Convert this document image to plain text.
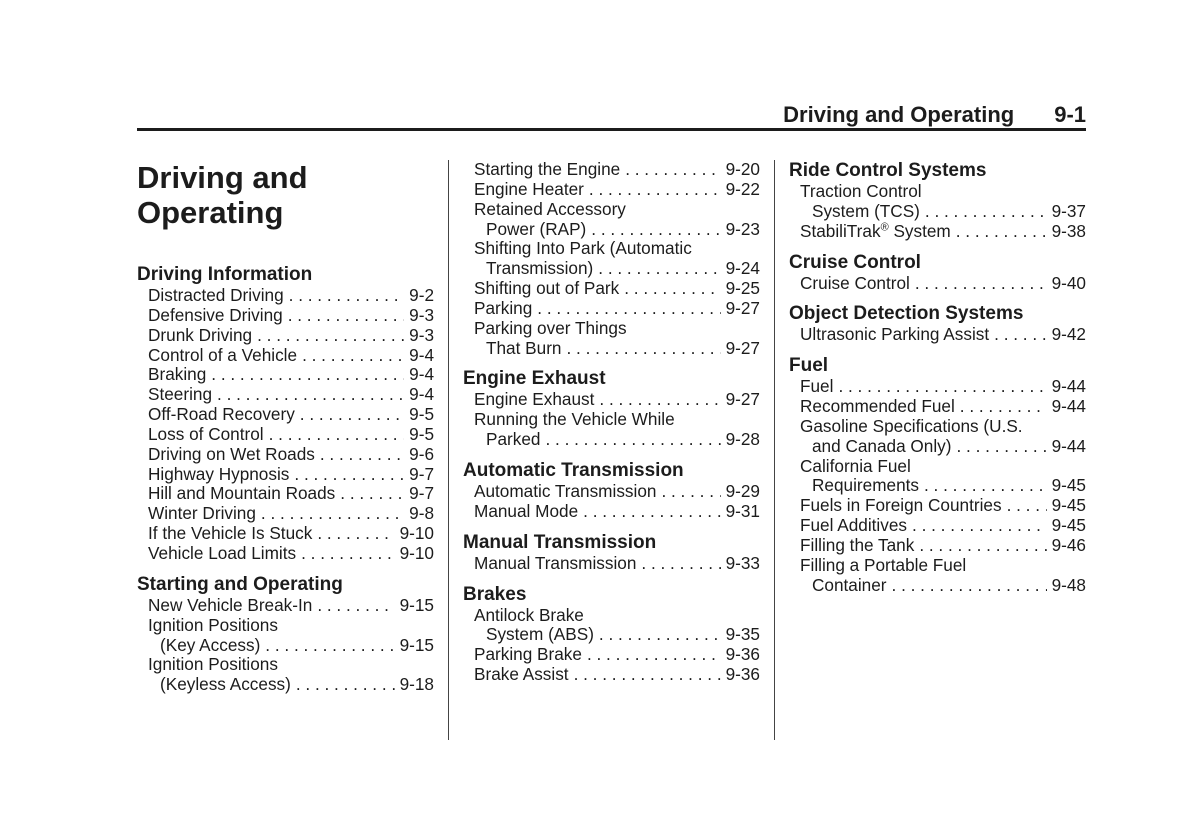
Driving and Operating 9-1
Driving and
Operating
Driving Information
Distracted Driving . . .	9-2
Defensive Driving . . .	9-3
Drunk Driving . . .	9-3
Control of a Vehicle . . .	9-4
Braking . . .	9-4
Steering . . .	9-4
Off-Road Recovery . . .	9-5
Loss of Control . . .	9-5
Driving on Wet Roads . . .	9-6
Highway Hypnosis . . .	9-7
Hill and Mountain Roads . . .	9-7
Winter Driving . . .	9-8
If the Vehicle Is Stuck . . .	9-10
Vehicle Load Limits . . .	9-10
Starting and Operating
New Vehicle Break-In . . .	9-15
Ignition Positions
(Key Access) . . .	9-15
Ignition Positions
(Keyless Access) . . .	9-18
Starting the Engine . . .	9-20
Engine Heater . . .	9-22
Retained Accessory
Power (RAP) . . .	9-23
Shifting Into Park (Automatic
Transmission) . . .	9-24
Shifting out of Park . . .	9-25
Parking . . .	9-27
Parking over Things
That Burn . . .	9-27
Engine Exhaust
Engine Exhaust . . .	9-27
Running the Vehicle While
Parked . . .	9-28
Automatic Transmission
Automatic Transmission . . .	9-29
Manual Mode . . .	9-31
Manual Transmission
Manual Transmission . . .	9-33
Brakes
Antilock Brake
System (ABS) . . .	9-35
Parking Brake . . .	9-36
Brake Assist . . .	9-36
Ride Control Systems
Traction Control
System (TCS) . . .	9-37
StabiliTrak® System . . .	9-38
Cruise Control
Cruise Control . . .	9-40
Object Detection Systems
Ultrasonic Parking Assist . . .	9-42
Fuel
Fuel . . .	9-44
Recommended Fuel . . .	9-44
Gasoline Specifications (U.S.
and Canada Only) . . .	9-44
California Fuel
Requirements . . .	9-45
Fuels in Foreign Countries . . .	9-45
Fuel Additives . . .	9-45
Filling the Tank . . .	9-46
Filling a Portable Fuel
Container . . .	9-48
